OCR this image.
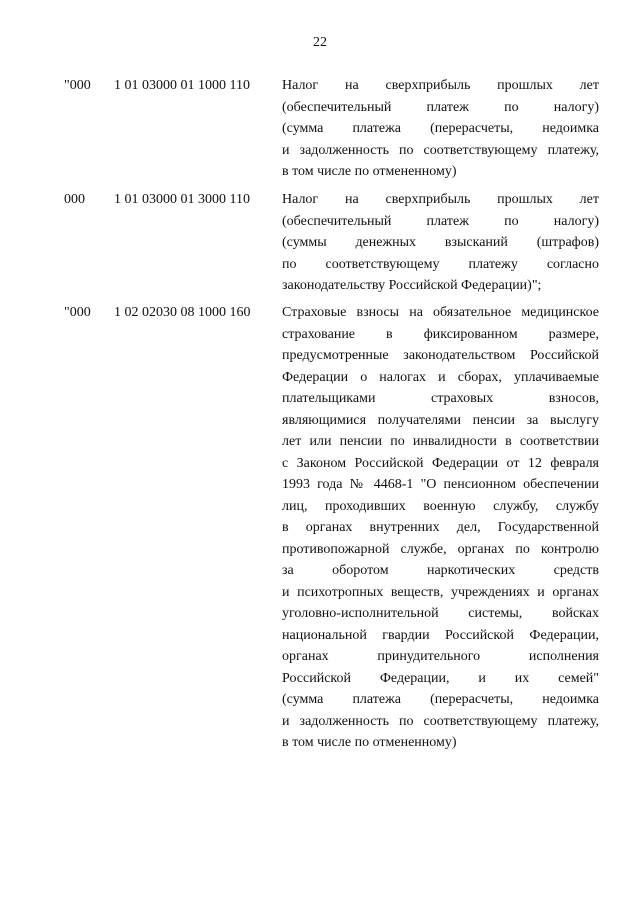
22
"000 1 01 03000 01 1000 110 Налог на сверхприбыль прошлых лет
(обеспечительный платеж по налогу)
(сумма платежа (перерасчеты, недоимка
и задолженность по соответствующему платежу,
в том числе по отмененному)
000 1 01 03000 01 3000 110 Налог на сверхприбыль прошлых лет
(обеспечительный платеж по налогу)
(суммы денежных взысканий (штрафов)
по соответствующему платежу согласно
законодательству Российской Федерации)";
"000 1 02 02030 08 1000 160 Страховые взносы на обязательное медицинское
страхование в фиксированном размере,
предусмотренные законодательством Российской
Федерации о налогах и сборах, уплачиваемые
плательщиками страховых взносов,
являющимися получателями пенсии за выслугу
лет или пенсии по инвалидности в соответствии
с Законом Российской Федерации от 12 февраля
1993 года № 4468-1 "О пенсионном обеспечении
лиц, проходивших военную службу, службу
в органах внутренних дел, Государственной
противопожарной службе, органах по контролю
за оборотом наркотических средств
и психотропных веществ, учреждениях и органах
уголовно-исполнительной системы, войсках
национальной гвардии Российской Федерации,
органах принудительного исполнения
Российской Федерации, и их семей"
(сумма платежа (перерасчеты, недоимка
и задолженность по соответствующему платежу,
в том числе по отмененному)
